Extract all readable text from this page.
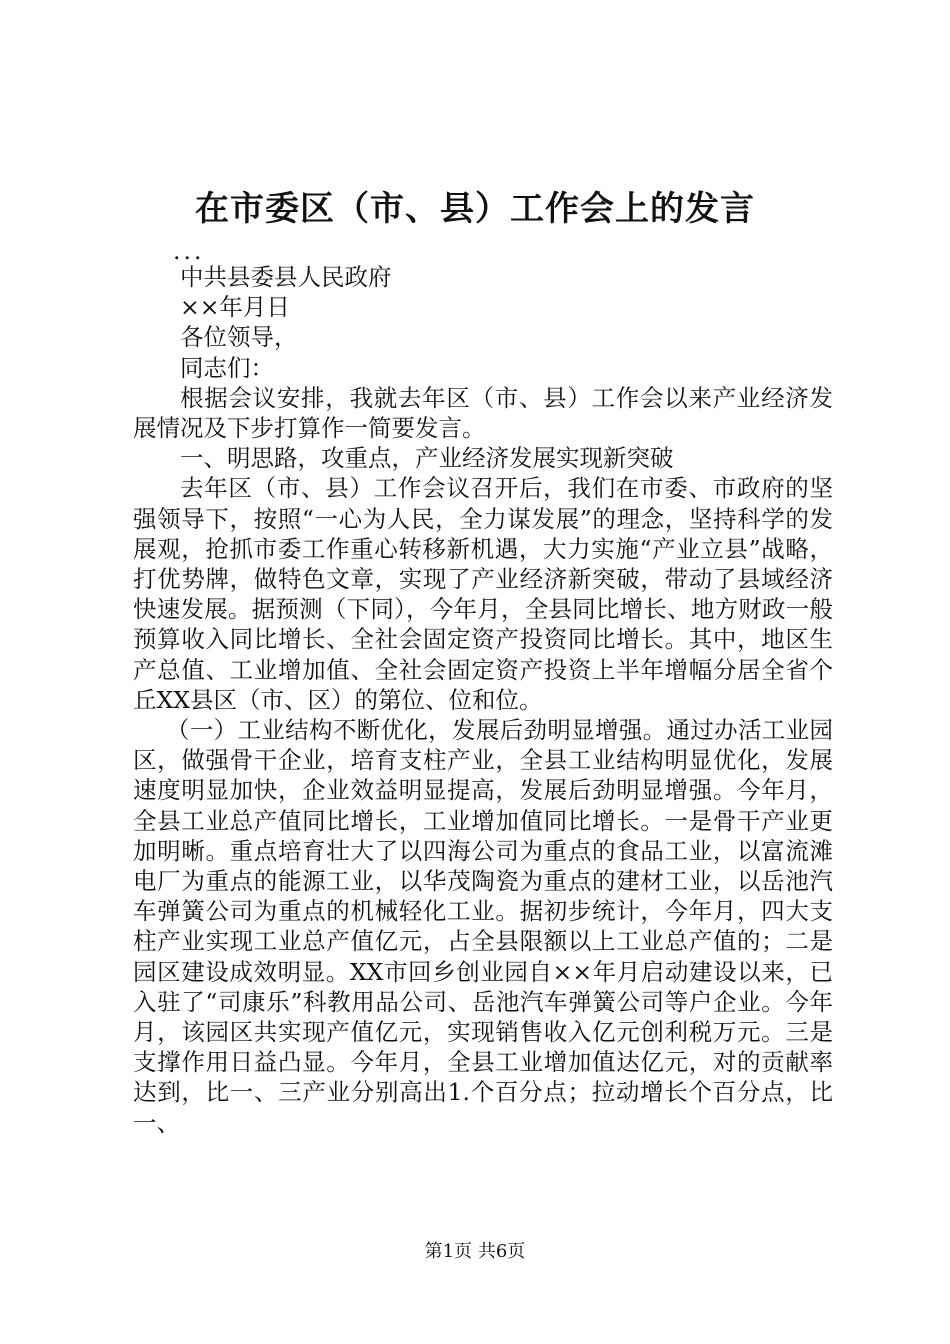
在市委区（市、县）工作会上的发言

...

中共县委县人民政府

××年月日

各位领导，

同志们：

根据会议安排，我就去年区（市、县）工作会以来产业经济发展情况及下步打算作一简要发言。

一、明思路，攻重点，产业经济发展实现新突破

去年区（市、县）工作会议召开后，我们在市委、市政府的坚强领导下，按照“一心为人民，全力谋发展”的理念，坚持科学的发展观，抢抓市委工作重心转移新机遇，大力实施“产业立县”战略，打优势牌，做特色文章，实现了产业经济新突破，带动了县域经济快速发展。据预测（下同），今年月，全县同比增长、地方财政一般预算收入同比增长、全社会固定资产投资同比增长。其中，地区生产总值、工业增加值、全社会固定资产投资上半年增幅分居全省个丘XX县区（市、区）的第位、位和位。

（一）工业结构不断优化，发展后劲明显增强。通过办活工业园区，做强骨干企业，培育支柱产业，全县工业结构明显优化，发展速度明显加快，企业效益明显提高，发展后劲明显增强。今年月，全县工业总产值同比增长，工业增加值同比增长。一是骨干产业更加明晰。重点培育壮大了以四海公司为重点的食品工业，以富流滩电厂为重点的能源工业，以华茂陶瓷为重点的建材工业，以岳池汽车弹簧公司为重点的机械轻化工业。据初步统计，今年月，四大支柱产业实现工业总产值亿元，占全县限额以上工业总产值的；二是园区建设成效明显。XX市回乡创业园自××年月启动建设以来，已入驻了“司康乐”科教用品公司、岳池汽车弹簧公司等户企业。今年月，该园区共实现产值亿元，实现销售收入亿元创利税万元。三是支撑作用日益凸显。今年月，全县工业增加值达亿元，对的贡献率达到，比一、三产业分别高出1.个百分点；拉动增长个百分点，比一、

第1页 共6页
